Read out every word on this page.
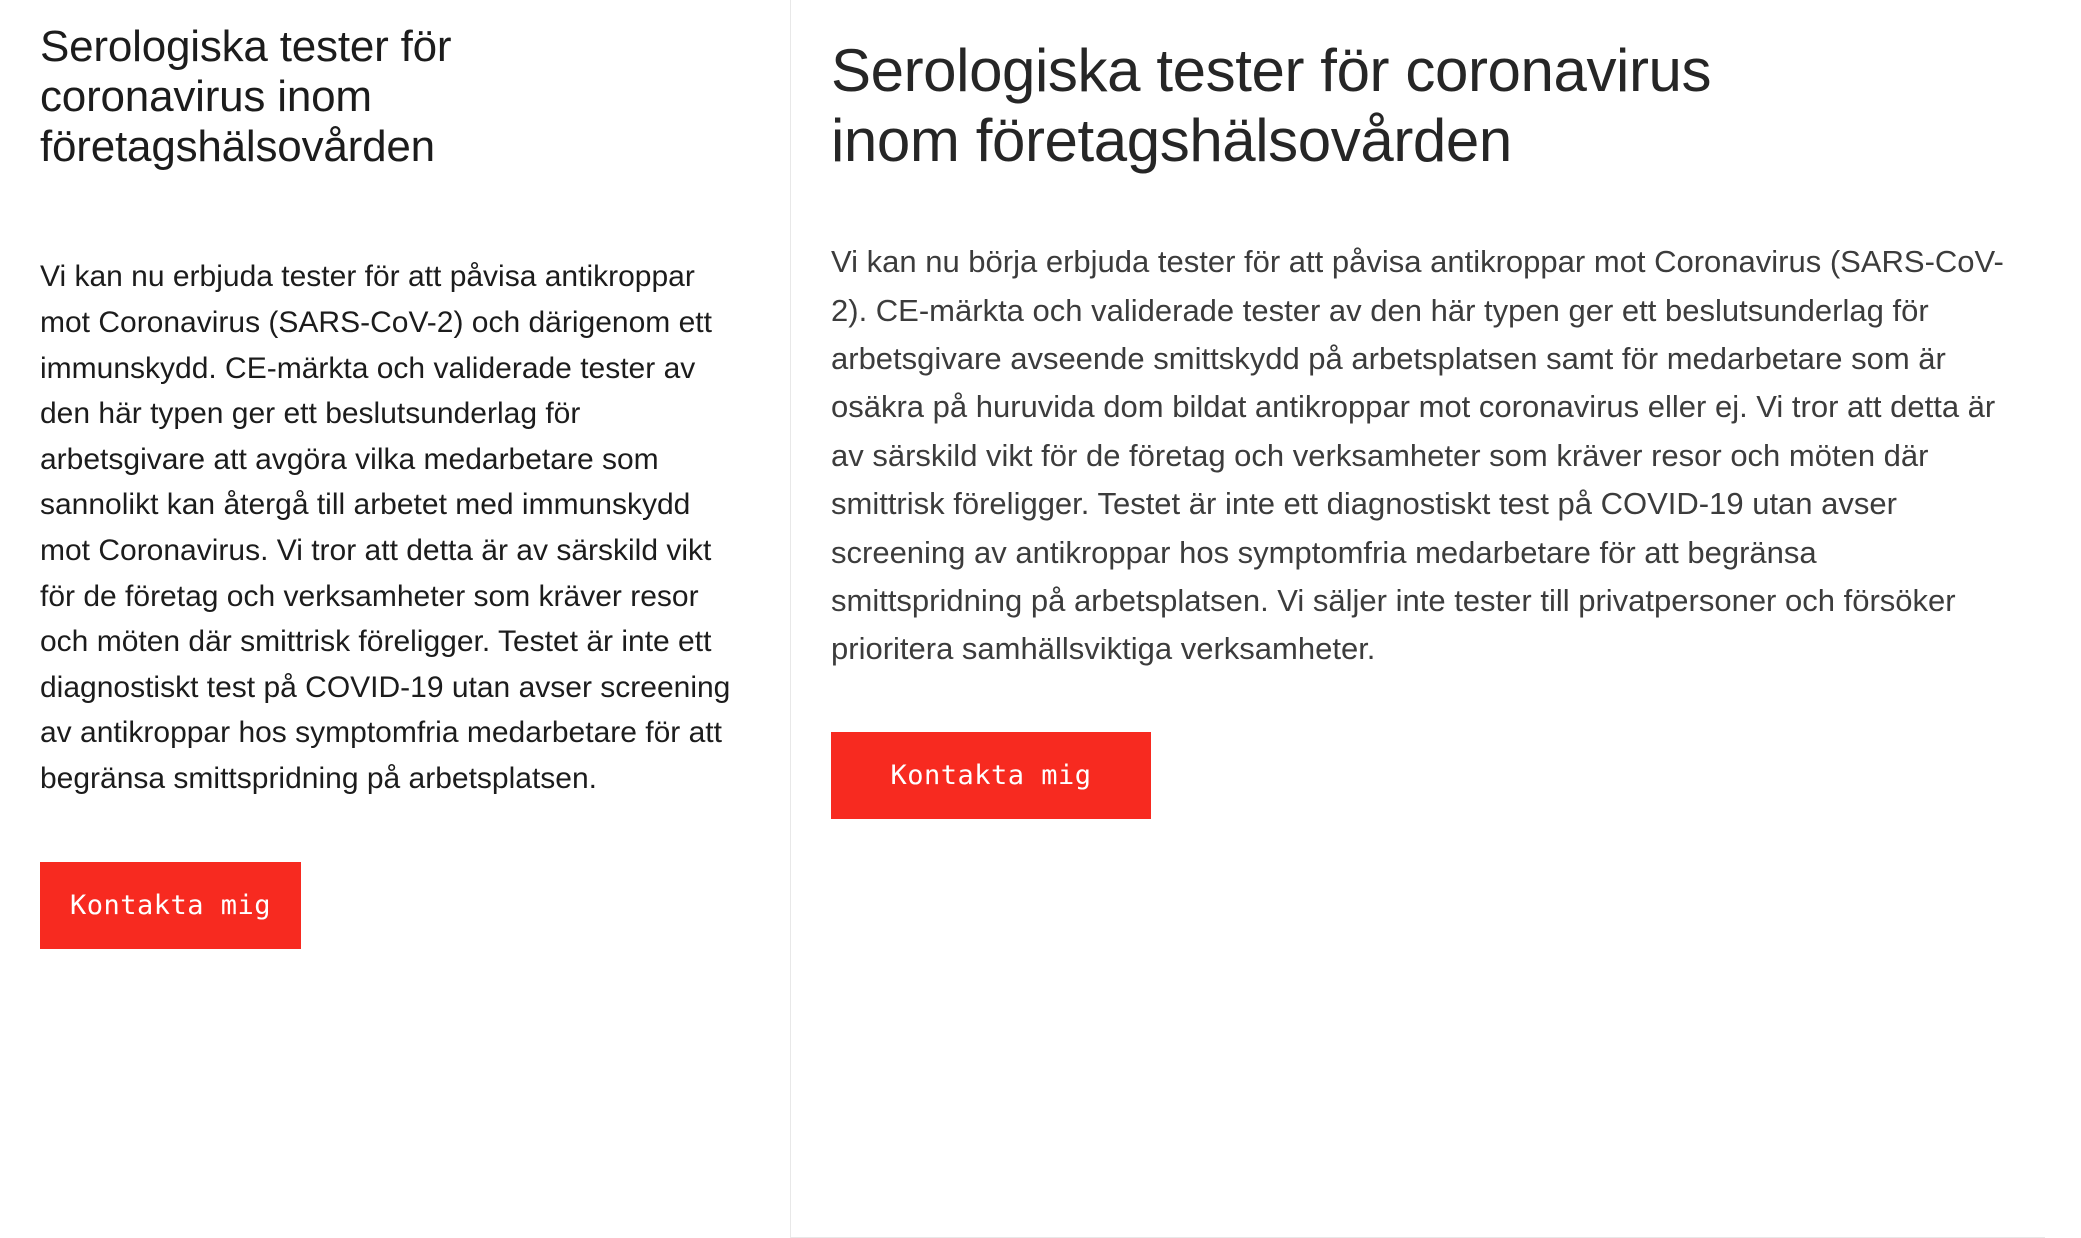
Serologiska tester för coronavirus inom företagshälsovården

Vi kan nu erbjuda tester för att påvisa antikroppar mot Coronavirus (SARS-CoV-2) och därigenom ett immunskydd. CE-märkta och validerade tester av den här typen ger ett beslutsunderlag för arbetsgivare att avgöra vilka medarbetare som sannolikt kan återgå till arbetet med immunskydd mot Coronavirus. Vi tror att detta är av särskild vikt för de företag och verksamheter som kräver resor och möten där smittrisk föreligger. Testet är inte ett diagnostiskt test på COVID-19 utan avser screening av antikroppar hos symptomfria medarbetare för att begränsa smittspridning på arbetsplatsen.

Kontakta mig
Serologiska tester för coronavirus inom företagshälsovården

Vi kan nu börja erbjuda tester för att påvisa antikroppar mot Coronavirus (SARS-CoV-2). CE-märkta och validerade tester av den här typen ger ett beslutsunderlag för arbetsgivare avseende smittskydd på arbetsplatsen samt för medarbetare som är osäkra på huruvida dom bildat antikroppar mot coronavirus eller ej. Vi tror att detta är av särskild vikt för de företag och verksamheter som kräver resor och möten där smittrisk föreligger. Testet är inte ett diagnostiskt test på COVID-19 utan avser screening av antikroppar hos symptomfria medarbetare för att begränsa smittspridning på arbetsplatsen. Vi säljer inte tester till privatpersoner och försöker prioritera samhällsviktiga verksamheter.

Kontakta mig
